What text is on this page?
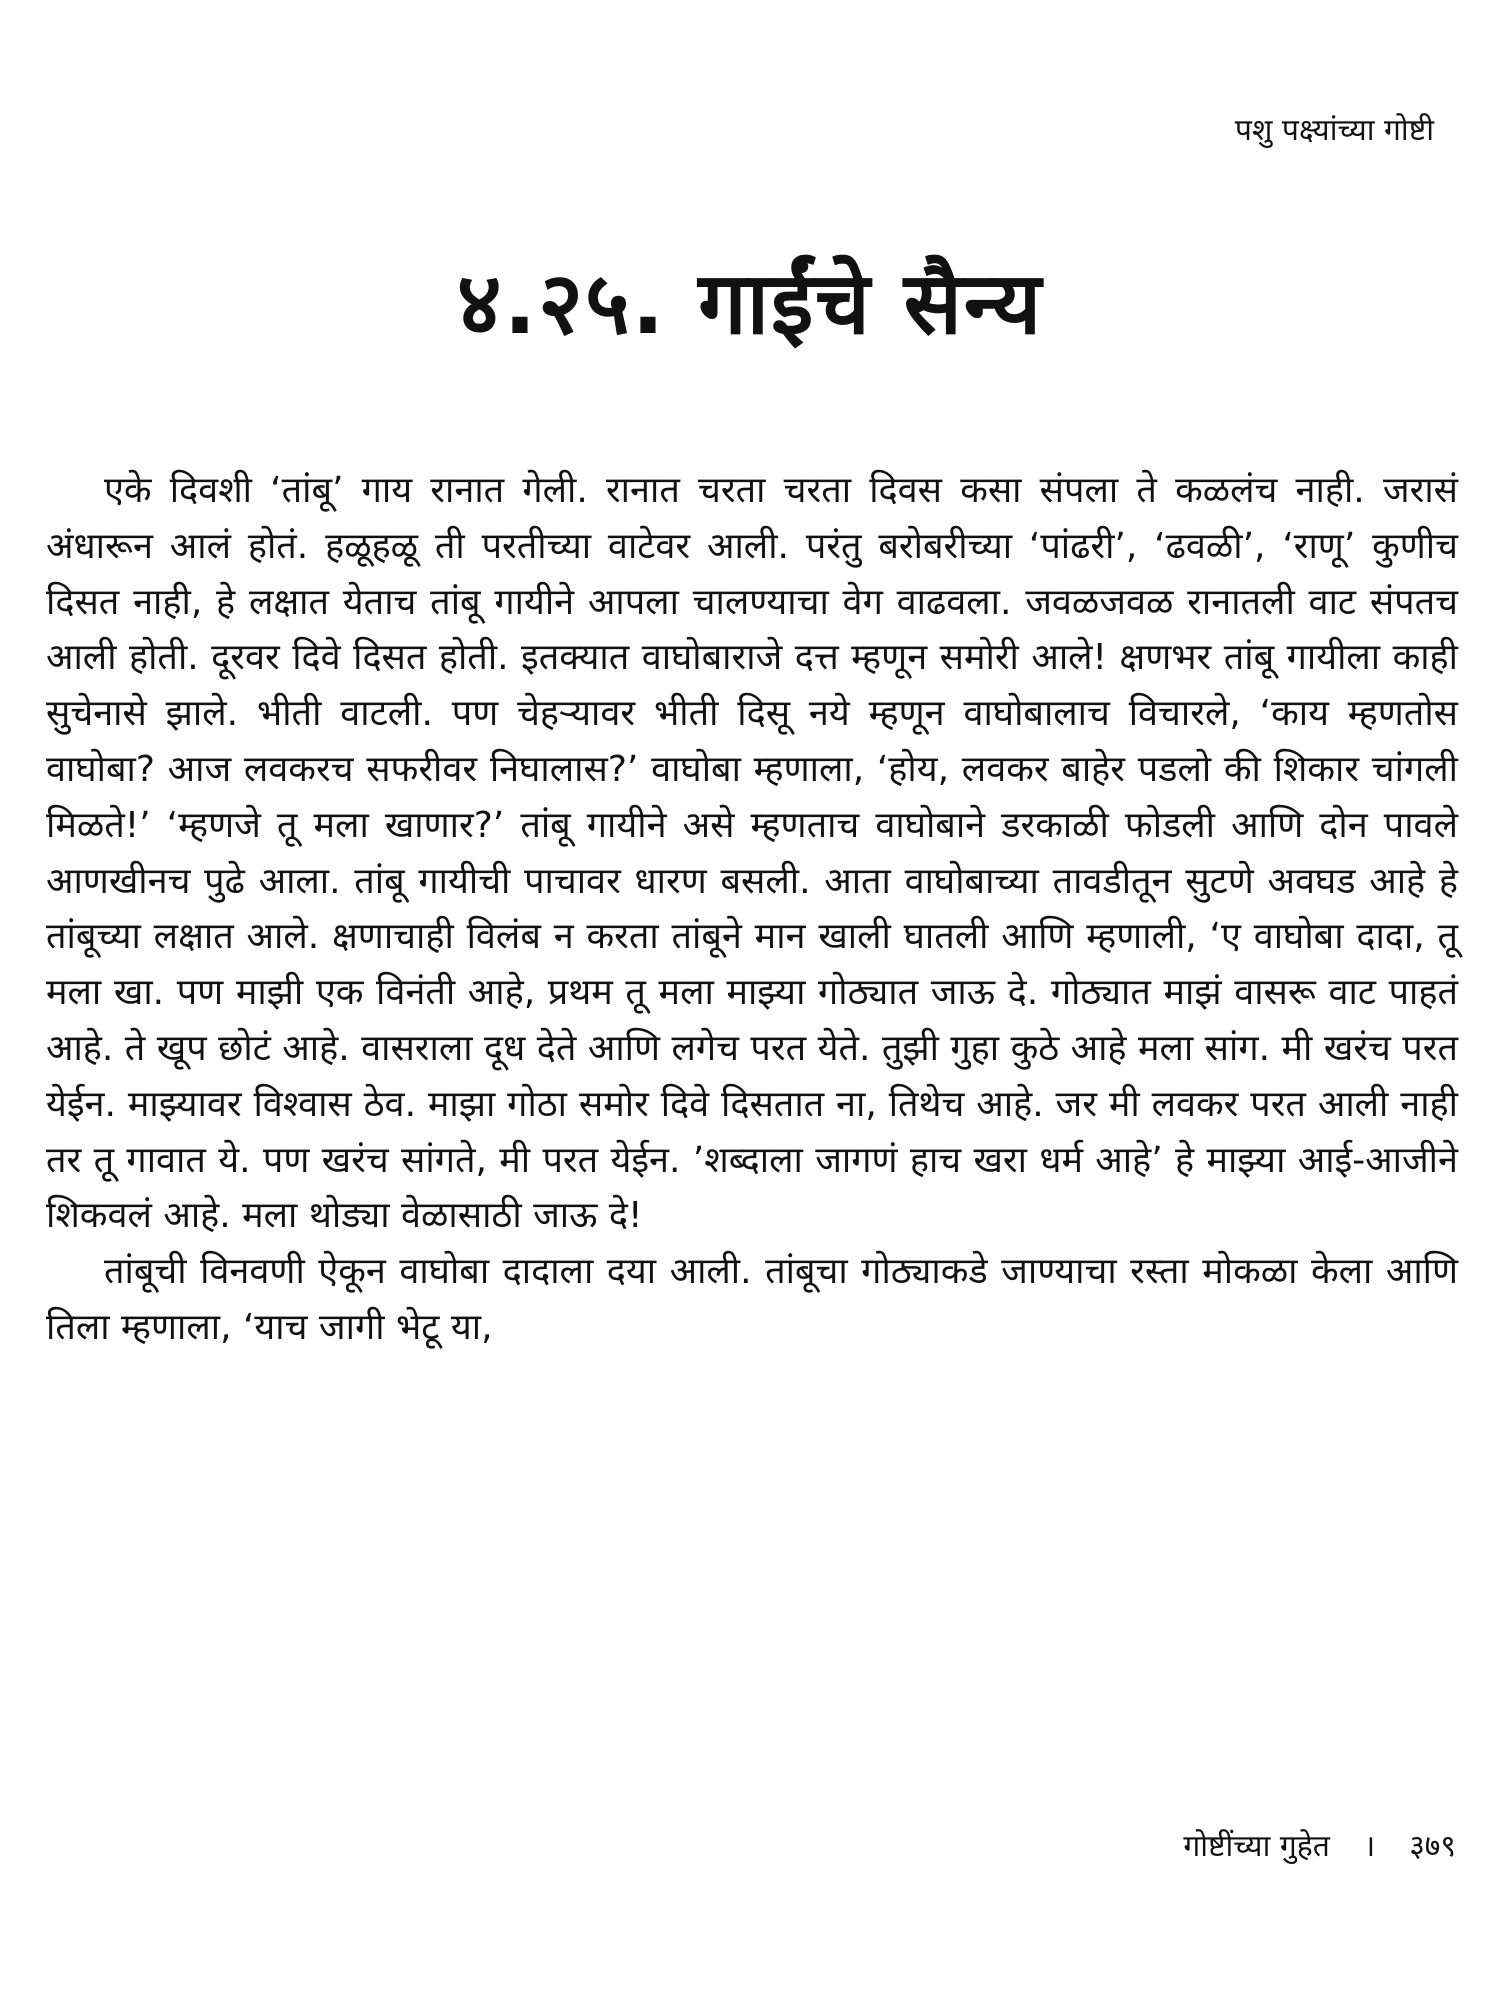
पशु पक्ष्यांच्या गोष्टी
४.२५. गाईंचे सैन्य

एके दिवशी ‘तांबू’ गाय रानात गेली. रानात चरता चरता दिवस कसा संपला ते कळलंच नाही. जरासं अंधारून आलं होतं. हळूहळू ती परतीच्या वाटेवर आली. परंतु बरोबरीच्या ‘पांढरी’, ‘ढवळी’, ‘राणू’ कुणीच दिसत नाही, हे लक्षात येताच तांबू गायीने आपला चालण्याचा वेग वाढवला. जवळजवळ रानातली वाट संपतच आली होती. दूरवर दिवे दिसत होती. इतक्यात वाघोबाराजे दत्त म्हणून समोरी आले! क्षणभर तांबू गायीला काही सुचेनासे झाले. भीती वाटली. पण चेहऱ्यावर भीती दिसू नये म्हणून वाघोबालाच विचारले, ‘काय म्हणतोस वाघोबा? आज लवकरच सफरीवर निघालास?’ वाघोबा म्हणाला, ‘होय, लवकर बाहेर पडलो की शिकार चांगली मिळते!’ ‘म्हणजे तू मला खाणार?’ तांबू गायीने असे म्हणताच वाघोबाने डरकाळी फोडली आणि दोन पावले आणखीनच पुढे आला. तांबू गायीची पाचावर धारण बसली. आता वाघोबाच्या तावडीतून सुटणे अवघड आहे हे तांबूच्या लक्षात आले. क्षणाचाही विलंब न करता तांबूने मान खाली घातली आणि म्हणाली, ‘ए वाघोबा दादा, तू मला खा. पण माझी एक विनंती आहे, प्रथम तू मला माझ्या गोठ्यात जाऊ दे. गोठ्यात माझं वासरू वाट पाहतं आहे. ते खूप छोटं आहे. वासराला दूध देते आणि लगेच परत येते. तुझी गुहा कुठे आहे मला सांग. मी खरंच परत येईन. माझ्यावर विश्वास ठेव. माझा गोठा समोर दिवे दिसतात ना, तिथेच आहे. जर मी लवकर परत आली नाही तर तू गावात ये. पण खरंच सांगते, मी परत येईन. ’शब्दाला जागणं हाच खरा धर्म आहे’ हे माझ्या आई-आजीने शिकवलं आहे. मला थोड्या वेळासाठी जाऊ दे!

तांबूची विनवणी ऐकून वाघोबा दादाला दया आली. तांबूचा गोठ्याकडे जाण्याचा रस्ता मोकळा केला आणि तिला म्हणाला, ‘याच जागी भेटू या,

गोष्टींच्या गुहेत । ३७९
